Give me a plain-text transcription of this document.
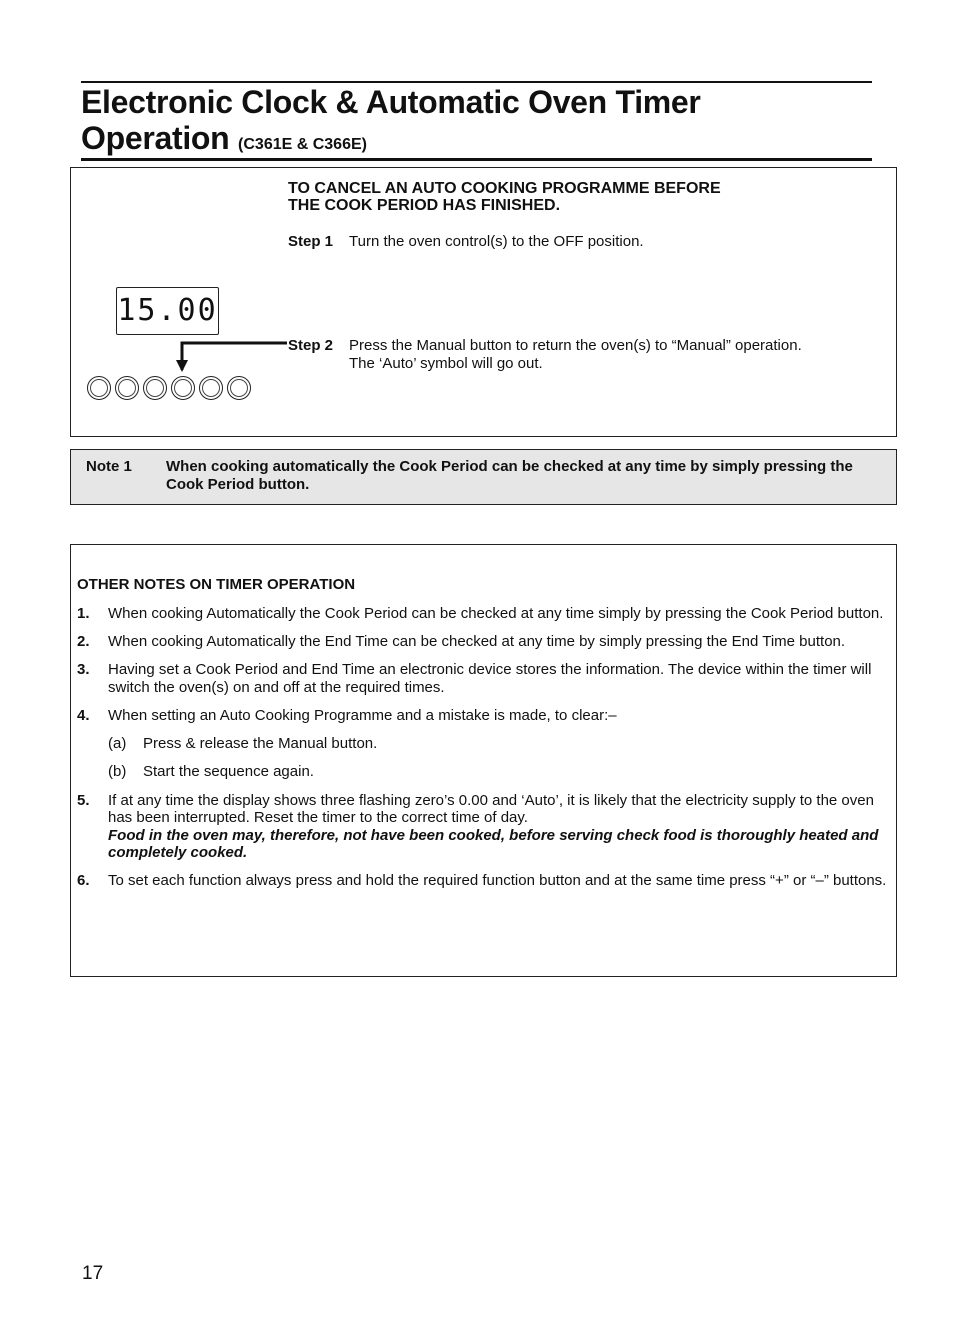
Electronic Clock & Automatic Oven Timer
Operation (C361E & C366E)
TO CANCEL AN AUTO COOKING PROGRAMME BEFORE
THE COOK PERIOD HAS FINISHED.
Step 1 Turn the oven control(s) to the OFF position.
15.00
Step 2 Press the Manual button to return the oven(s) to “Manual” operation.
The ‘Auto’ symbol will go out.
Note 1 When cooking automatically the Cook Period can be checked at any time by simply pressing the Cook Period button.
OTHER NOTES ON TIMER OPERATION
1. When cooking Automatically the Cook Period can be checked at any time simply by pressing the Cook Period button.
2. When cooking Automatically the End Time can be checked at any time by simply pressing the End Time button.
3. Having set a Cook Period and End Time an electronic device stores the information. The device within the timer will switch the oven(s) on and off at the required times.
4. When setting an Auto Cooking Programme and a mistake is made, to clear:–
(a) Press & release the Manual button.
(b) Start the sequence again.
5. If at any time the display shows three flashing zero’s 0.00 and ‘Auto’, it is likely that the electricity supply to the oven has been interrupted. Reset the timer to the correct time of day.
Food in the oven may, therefore, not have been cooked, before serving check food is thoroughly heated and completely cooked.
6. To set each function always press and hold the required function button and at the same time press “+” or “–” buttons.
17
